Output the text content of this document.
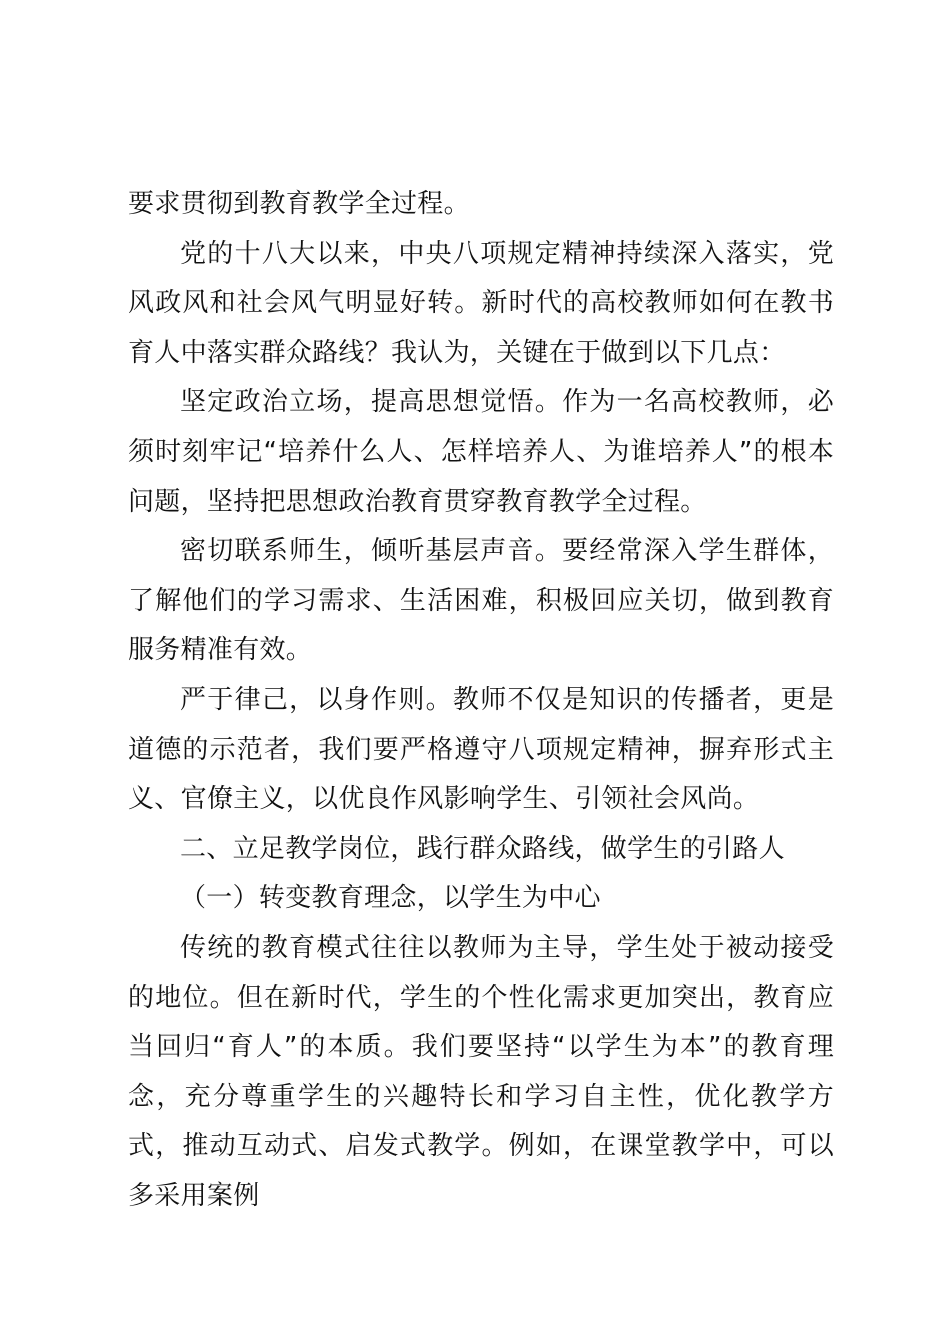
要求贯彻到教育教学全过程。

党的十八大以来，中央八项规定精神持续深入落实，党风政风和社会风气明显好转。新时代的高校教师如何在教书育人中落实群众路线？我认为，关键在于做到以下几点：

坚定政治立场，提高思想觉悟。作为一名高校教师，必须时刻牢记“培养什么人、怎样培养人、为谁培养人”的根本问题，坚持把思想政治教育贯穿教育教学全过程。

密切联系师生，倾听基层声音。要经常深入学生群体，了解他们的学习需求、生活困难，积极回应关切，做到教育服务精准有效。

严于律己，以身作则。教师不仅是知识的传播者，更是道德的示范者，我们要严格遵守八项规定精神，摒弃形式主义、官僚主义，以优良作风影响学生、引领社会风尚。

二、立足教学岗位，践行群众路线，做学生的引路人

（一）转变教育理念，以学生为中心

传统的教育模式往往以教师为主导，学生处于被动接受的地位。但在新时代，学生的个性化需求更加突出，教育应当回归“育人”的本质。我们要坚持“以学生为本”的教育理念，充分尊重学生的兴趣特长和学习自主性，优化教学方式，推动互动式、启发式教学。例如，在课堂教学中，可以多采用案例
